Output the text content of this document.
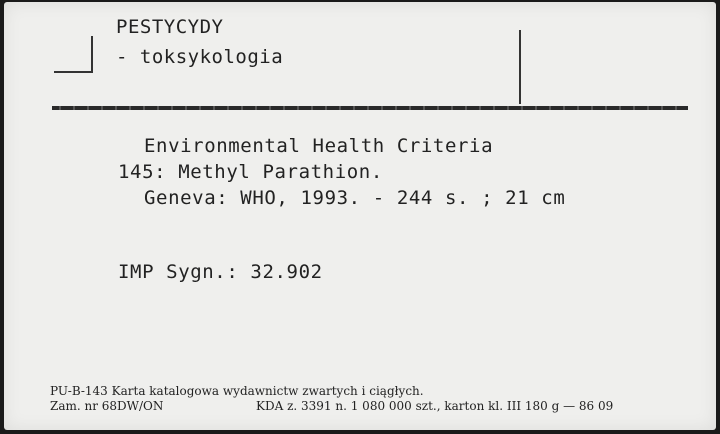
PESTYCYDY
- toksykologia
Environmental Health Criteria
145: Methyl Parathion.
Geneva: WHO, 1993. - 244 s. ; 21 cm
IMP Sygn.: 32.902
PU-B-143 Karta katalogowa wydawnictw zwartych i ciągłych.
Zam. nr 68DW/ON	KDA z. 3391 n. 1 080 000 szt., karton kl. III 180 g — 86 09
